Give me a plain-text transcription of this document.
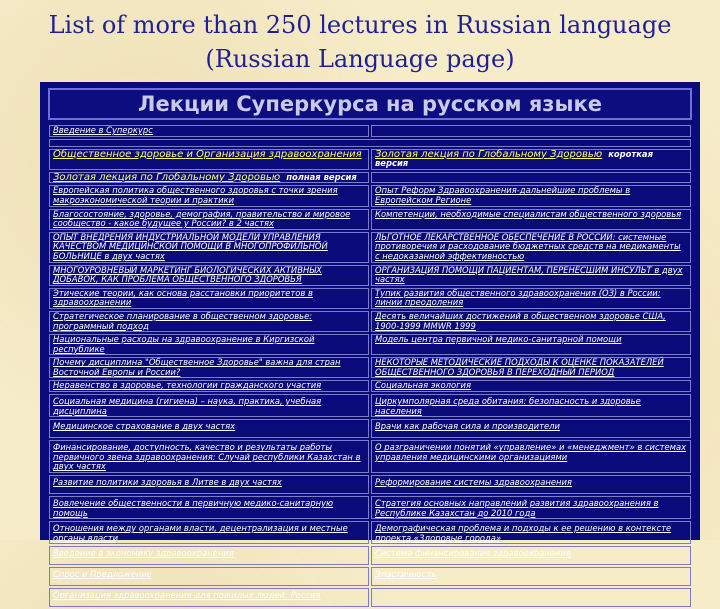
List of more than 250 lectures in Russian language
(Russian Language page)
Лекции Суперкурса на русском языке
Введение в Суперкурс	

Общественное здоровье и Организация здравоохранения	Золотая лекция по Глобальному Здоровью короткая версия
Золотая лекция по Глобальному Здоровью полная версия	
Европейская политика общественного здоровья с точки зрения макроэкономической теории и практики	Опыт Реформ Здравоохранения-дальнейшие проблемы в Европейском Регионе
Благосостояние, здоровье, демография, правительство и мировое сообщество - какое будущее у России? в 2 частях	Компетенции, необходимые специалистам общественного здоровья
ОПЫТ ВНЕДРЕНИЯ ИНДУСТРИАЛЬНОЙ МОДЕЛИ УПРАВЛЕНИЯ КАЧЕСТВОМ МЕДИЦИНСКОЙ ПОМОЩИ В МНОГОПРОФИЛЬНОЙ БОЛЬНИЦЕ в двух частях	ЛЬГОТНОЕ ЛЕКАРСТВЕННОЕ ОБЕСПЕЧЕНИЕ В РОССИИ: системные противоречия и расходование бюджетных средств на медикаменты с недоказанной эффективностью
МНОГОУРОВНЕВЫЙ МАРКЕТИНГ БИОЛОГИЧЕСКИХ АКТИВНЫХ ДОБАВОК, КАК ПРОБЛЕМА ОБЩЕСТВЕННОГО ЗДОРОВЬЯ	ОРГАНИЗАЦИЯ ПОМОЩИ ПАЦИЕНТАМ, ПЕРЕНЕСШИМ ИНСУЛЬТ в двух частях
Этические теории, как основа расстановки приоритетов в здравоохранении	Тупик развития общественного здравоохранения (ОЗ) в России: линии преодоления
Стратегическое планирование в общественном здоровье: программный подход	Десять величайших достижений в общественном здоровье США, 1900-1999 MMWR 1999
Национальные расходы на здравоохранение в Киргизской республике	Модель центра первичной медико-санитарной помощи
Почему дисциплина "Общественное Здоровье" важна для стран Восточной Европы и России?	НЕКОТОРЫЕ МЕТОДИЧЕСКИЕ ПОДХОДЫ К ОЦЕНКЕ ПОКАЗАТЕЛЕЙ ОБЩЕСТВЕННОГО ЗДОРОВЬЯ В ПЕРЕХОДНЫЙ ПЕРИОД
Неравенство в здоровье, технологии гражданского участия	Социальная экология
Социальная медицина (гигиена) – наука, практика, учебная дисциплина	Циркумполярная среда обитания: безопасность и здоровье населения
Медицинское страхование в двух частях	Врачи как рабочая сила и производители
Финансирование, доступность, качество и результаты работы первичного звена здравоохранения: Случай республики Казахстан в двух частях	О разграничении понятий «управление» и «менеджмент» в системах управления медицинскими организациями
Развитие политики здоровья в Литве в двух частях	Реформирование системы здравоохранения
Вовлечение общественности в первичную медико-санитарную помощь	Стратегия основных направлений развития здравоохранения в Республике Казахстан до 2010 года
Отношения между органами власти, децентрализация и местные органы власти	Демографическая проблема и подходы к ее решению в контексте проекта «Здоровые города»
Введение в экономику здравоохранения	Система финансирования здравоохранения
Спрос и Предложение	Эластичность
Организация здравоохранения для пожилых людей: Россия	
